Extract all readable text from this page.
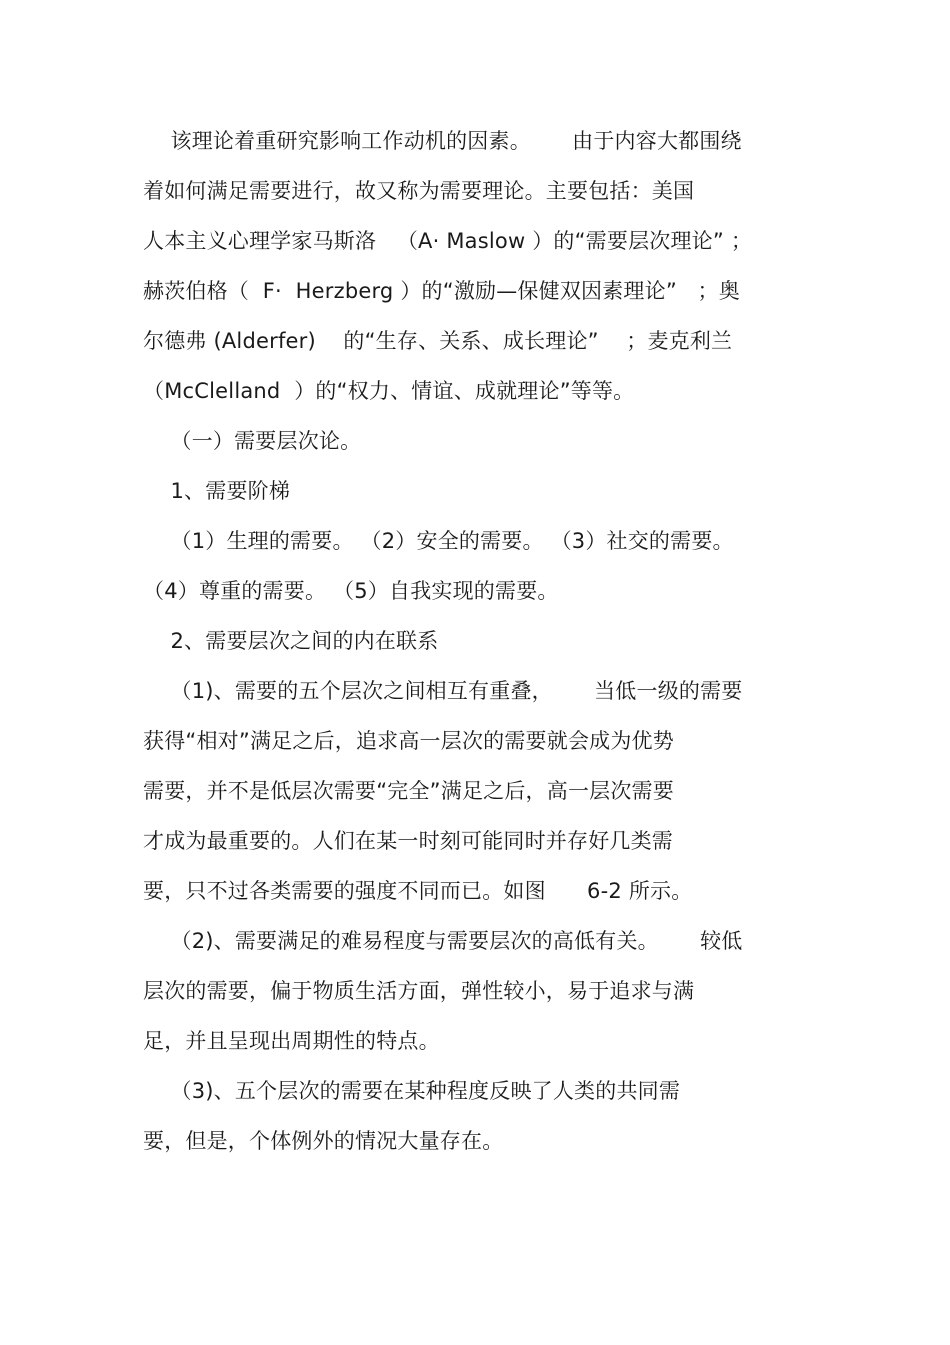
该理论着重研究影响工作动机的因素。      由于内容大都围绕
着如何满足需要进行，故又称为需要理论。主要包括：美国
人本主义心理学家马斯洛   （A· Maslow ）的“需要层次理论” ；
赫茨伯格（  F·  Herzberg ）的“激励—保健双因素理论”   ；奥
尔德弗 (Alderfer)    的“生存、关系、成长理论”    ；麦克利兰
（McClelland  ）的“权力、情谊、成就理论”等等。
（一）需要层次论。
1、需要阶梯
（1）生理的需要。 （2）安全的需要。 （3）社交的需要。
（4）尊重的需要。 （5）自我实现的需要。
2、需要层次之间的内在联系
（1)、需要的五个层次之间相互有重叠，      当低一级的需要
获得“相对”满足之后，追求高一层次的需要就会成为优势
需要，并不是低层次需要“完全”满足之后，高一层次需要
才成为最重要的。人们在某一时刻可能同时并存好几类需
要，只不过各类需要的强度不同而已。如图      6-2 所示。
（2)、需要满足的难易程度与需要层次的高低有关。      较低
层次的需要，偏于物质生活方面，弹性较小，易于追求与满
足，并且呈现出周期性的特点。
（3)、五个层次的需要在某种程度反映了人类的共同需
要，但是，个体例外的情况大量存在。
